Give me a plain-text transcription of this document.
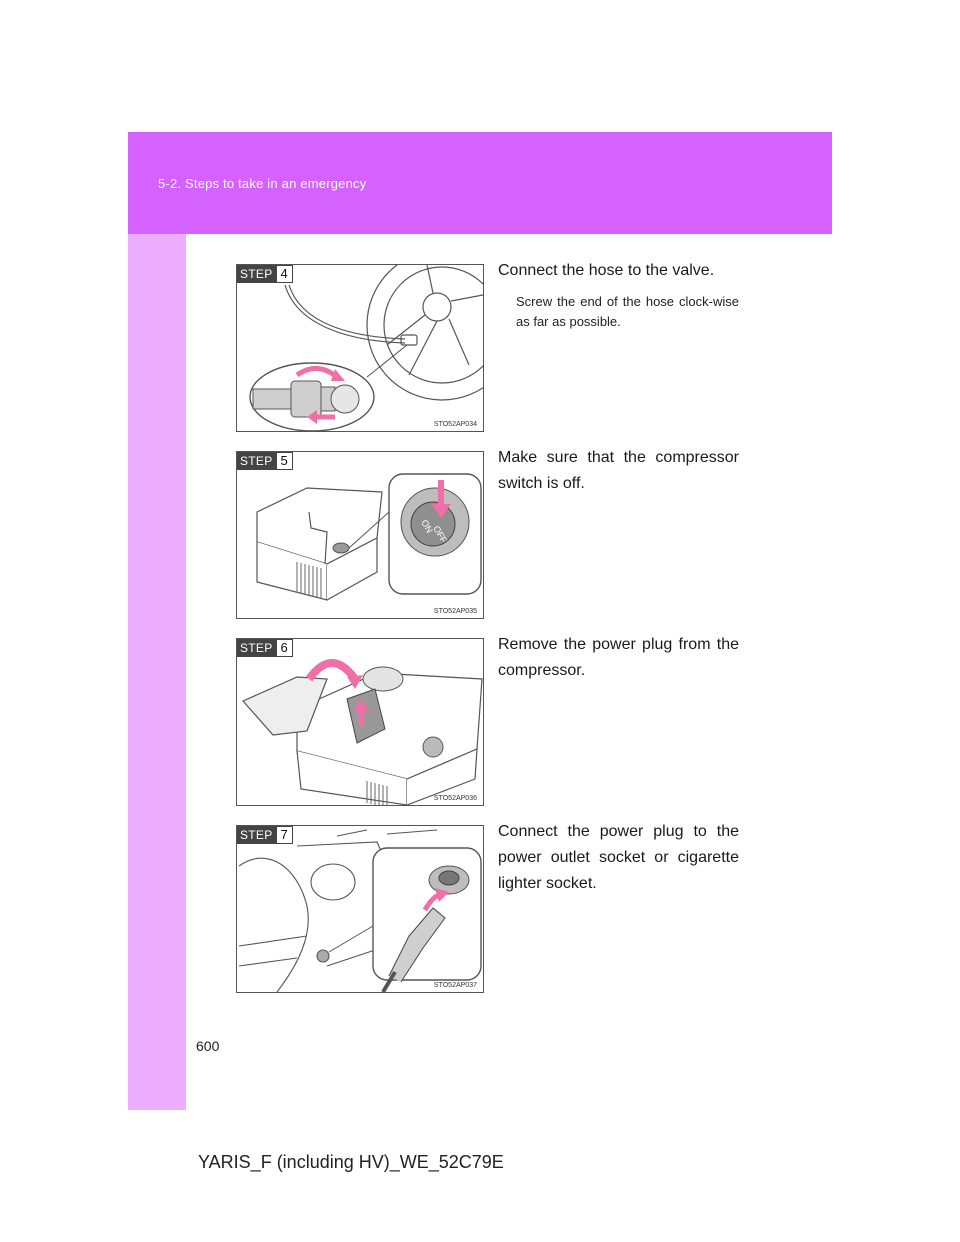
5-2. Steps to take in an emergency
STEP 4
STO52AP034
Connect the hose to the valve.
Screw the end of the hose clock-wise as far as possible.
STEP 5
ON
OFF
STO52AP035
Make sure that the compressor switch is off.
STEP 6
STO52AP036
Remove the power plug from the compressor.
STEP 7
STO52AP037
Connect the power plug to the power outlet socket or cigarette lighter socket.
600
YARIS_F (including HV)_WE_52C79E
